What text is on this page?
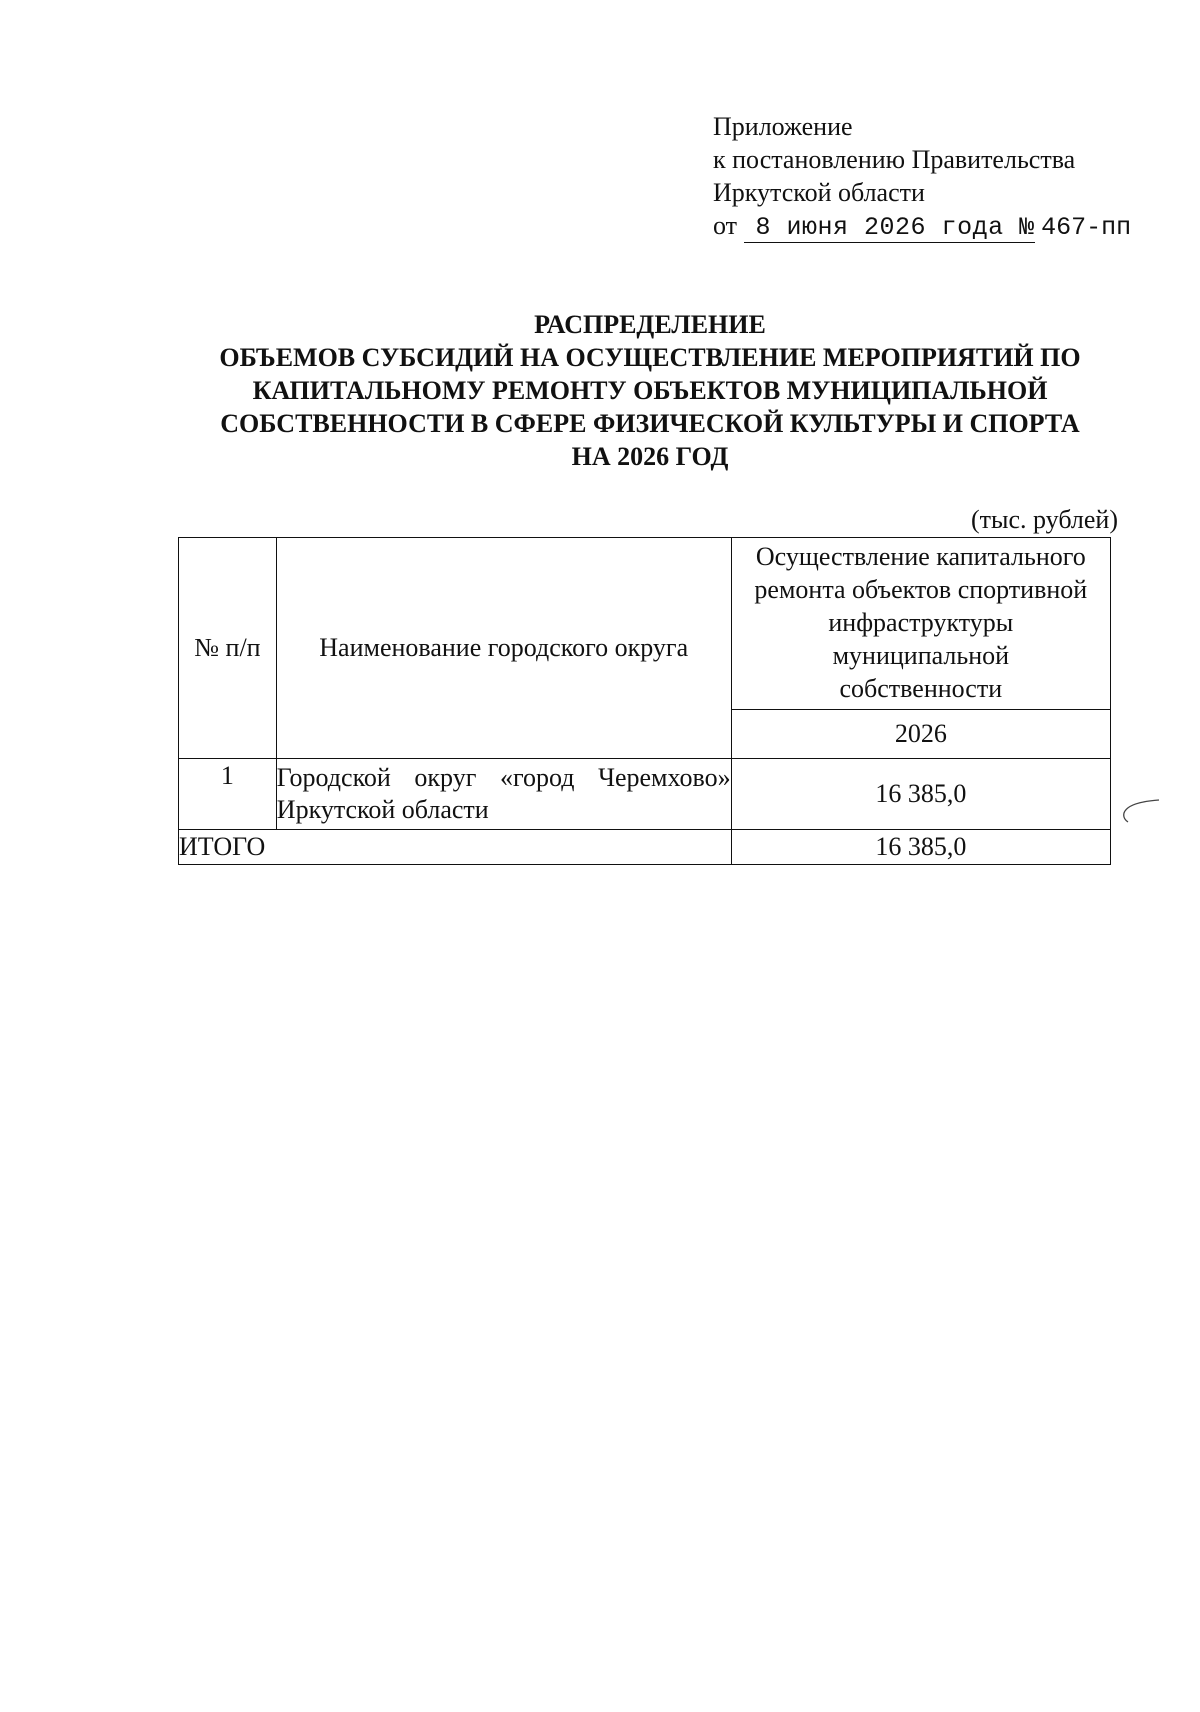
Приложение
к постановлению Правительства
Иркутской области
от 8 июня 2026 года № 467-пп
РАСПРЕДЕЛЕНИЕ
ОБЪЕМОВ СУБСИДИЙ НА ОСУЩЕСТВЛЕНИЕ МЕРОПРИЯТИЙ ПО
КАПИТАЛЬНОМУ РЕМОНТУ ОБЪЕКТОВ МУНИЦИПАЛЬНОЙ
СОБСТВЕННОСТИ В СФЕРЕ ФИЗИЧЕСКОЙ КУЛЬТУРЫ И СПОРТА
НА 2026 ГОД
(тыс. рублей)
№ п/п	Наименование городского округа	Осуществление капитального
ремонта объектов спортивной
инфраструктуры
муниципальной
собственности

		2026
1	Городской округ «город Черемхово»
Иркутской области	16 385,0
ИТОГО		16 385,0
